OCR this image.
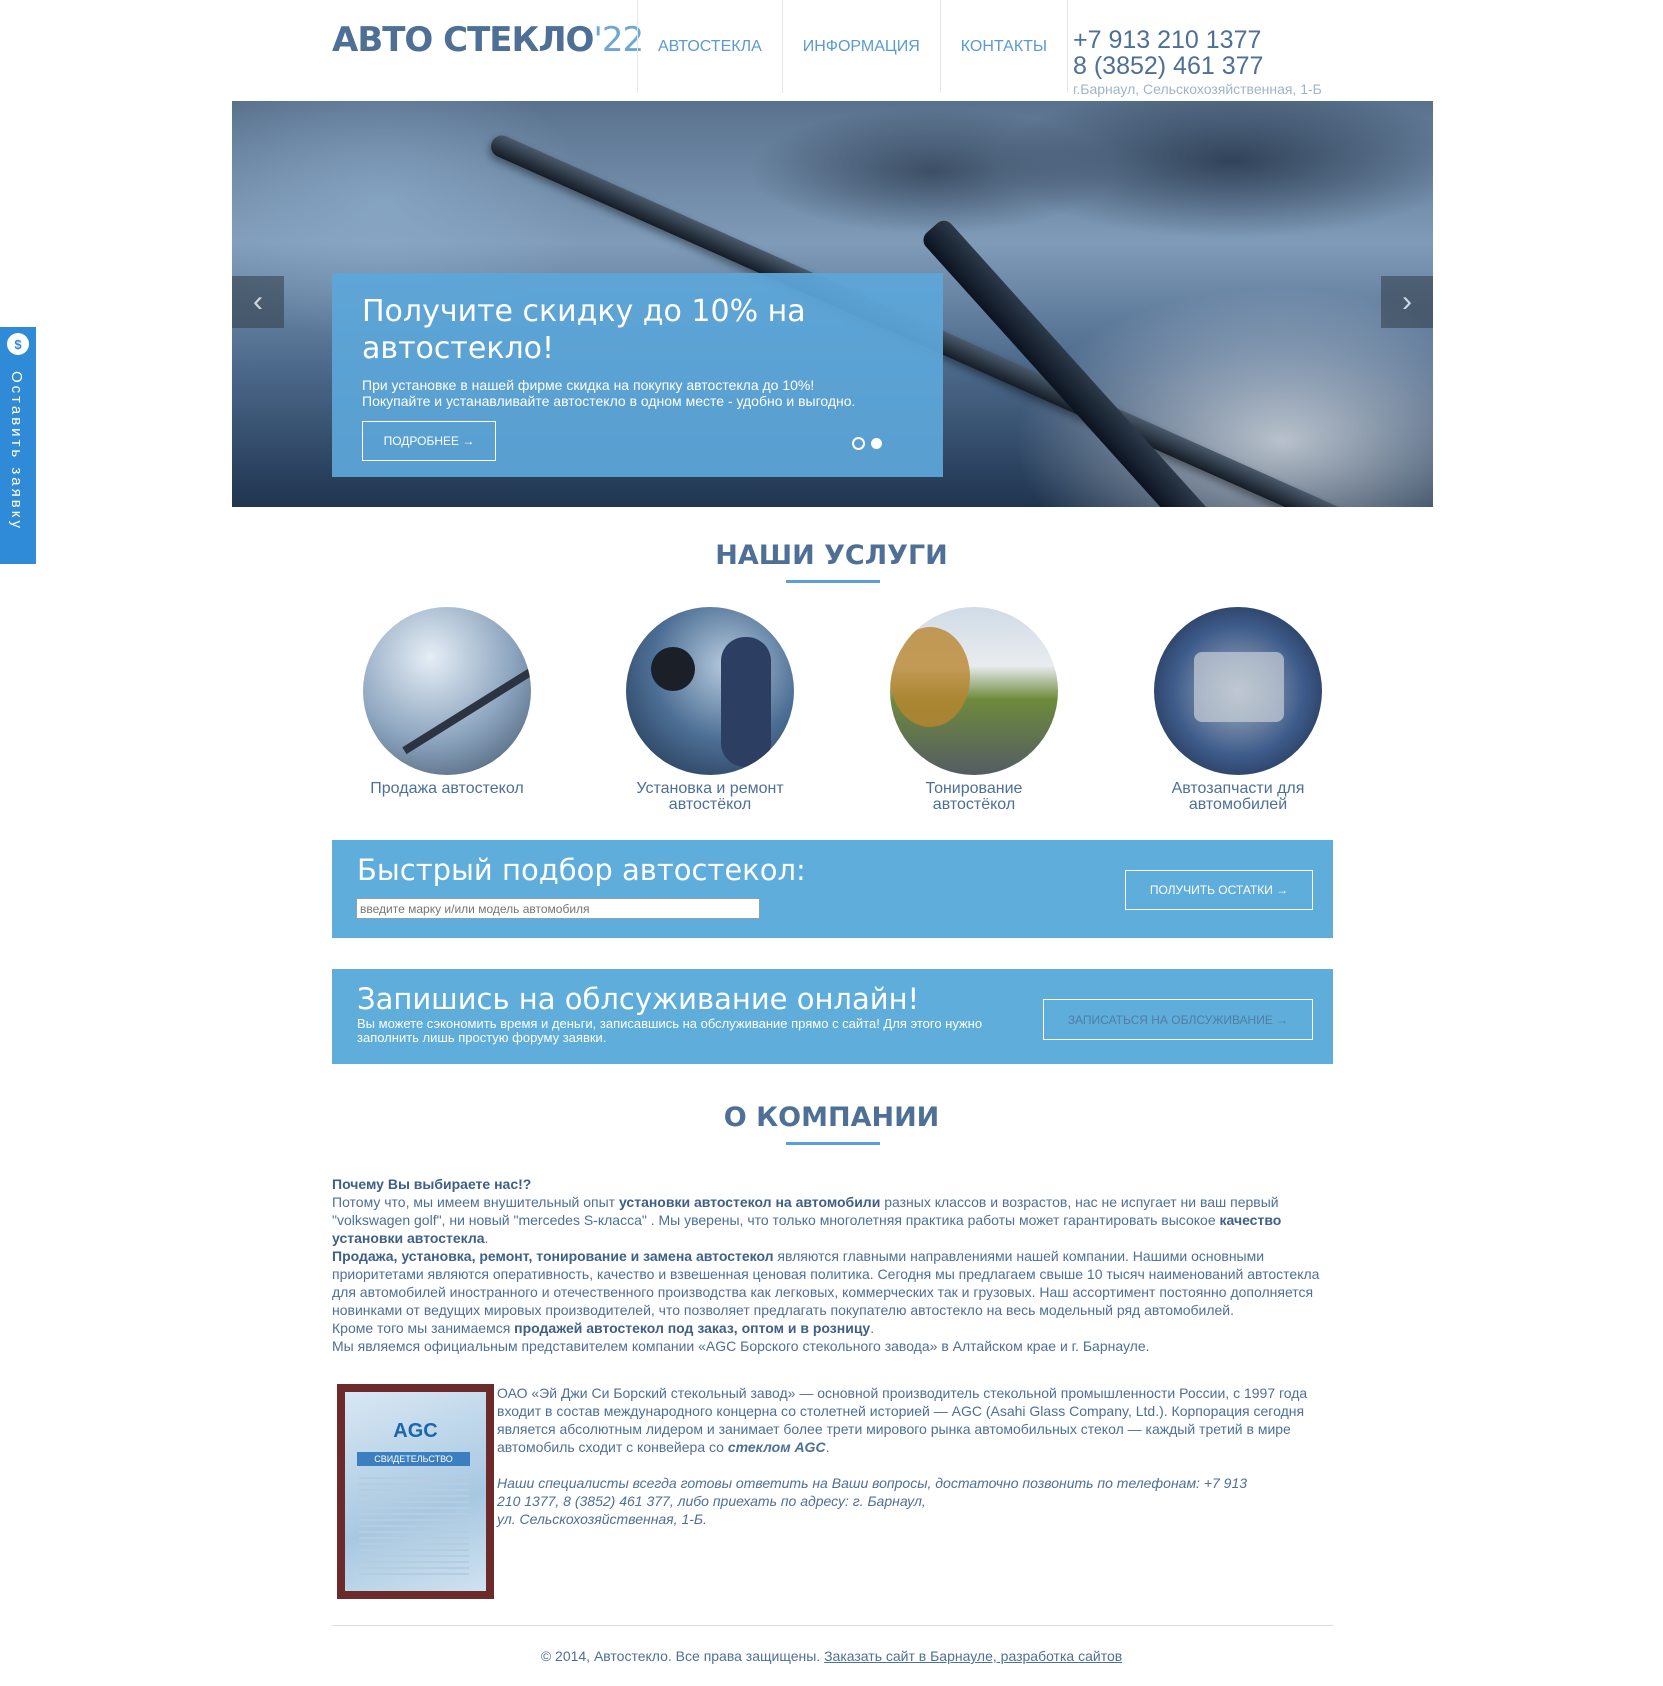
АВТО СТЕКЛО'22 АВТОСТЕКЛА	ИНФОРМАЦИЯ	КОНТАКТЫ	+7 913 210 1377
8 (3852) 461 377
г.Барнаул, Сельскохозяйственная, 1-Б
$
Оставить заявку
‹	›
Получите скидку до 10% на автостекло!
При установке в нашей фирме скидка на покупку автостекла до 10%!
Покупайте и устанавливайте автостекло в одном месте - удобно и выгодно.
ПОДРОБНЕЕ →
НАШИ УСЛУГИ
Продажа автостекол	Установка и ремонт автостёкол
Тонирование автостёкол
Автозапчасти для автомобилей
Быстрый подбор автостекол:
введите марку и/или модель автомобиля
ПОЛУЧИТЬ ОСТАТКИ →
Запишись на облсуживание онлайн!
Вы можете сэкономить время и деньги, записавшись на обслуживание прямо с сайта! Для этого нужно заполнить лишь простую форуму заявки.
ЗАПИСАТЬСЯ НА ОБЛСУЖИВАНИЕ →
О КОМПАНИИ

Почему Вы выбираете нас!?

Потому что, мы имеем внушительный опыт установки автостекол на автомобили разных классов и возрастов, нас не испугает ни ваш первый "volkswagen golf", ни новый "mercedes S-класса" . Мы уверены, что только многолетняя практика работы может гарантировать высокое качество установки автостекла.

Продажа, установка, ремонт, тонирование и замена автостекол являются главными направлениями нашей компании. Нашими основными приоритетами являются оперативность, качество и взвешенная ценовая политика. Сегодня мы предлагаем свыше 10 тысяч наименований автостекла для автомобилей иностранного и отечественного производства как легковых, коммерческих так и грузовых. Наш ассортимент постоянно дополняется новинками от ведущих мировых производителей, что позволяет предлагать покупателю автостекло на весь модельный ряд автомобилей.

Кроме того мы занимаемся продажей автостекол под заказ, оптом и в розницу.

Мы являемся официальным представителем компании «AGC Борского стекольного завода» в Алтайском крае и г. Барнауле.

AGC
СВИДЕТЕЛЬСТВО

ОАО «Эй Джи Си Борский стекольный завод» — основной производитель стекольной промышленности России, с 1997 года входит в состав международного концерна со столетней историей — AGC (Asahi Glass Company, Ltd.). Корпорация сегодня является абсолютным лидером и занимает более трети мирового рынка автомобильных стекол — каждый третий в мире автомобиль сходит с конвейера со стеклом AGC.

Наши специалисты всегда готовы ответить на Ваши вопросы, достаточно позвонить по телефонам: +7 913 210 1377, 8 (3852) 461 377, либо приехать по адресу: г. Барнаул,
ул. Сельскохозяйственная, 1-Б.

© 2014, Автостекло. Все права защищены. Заказать сайт в Барнауле, разработка сайтов
